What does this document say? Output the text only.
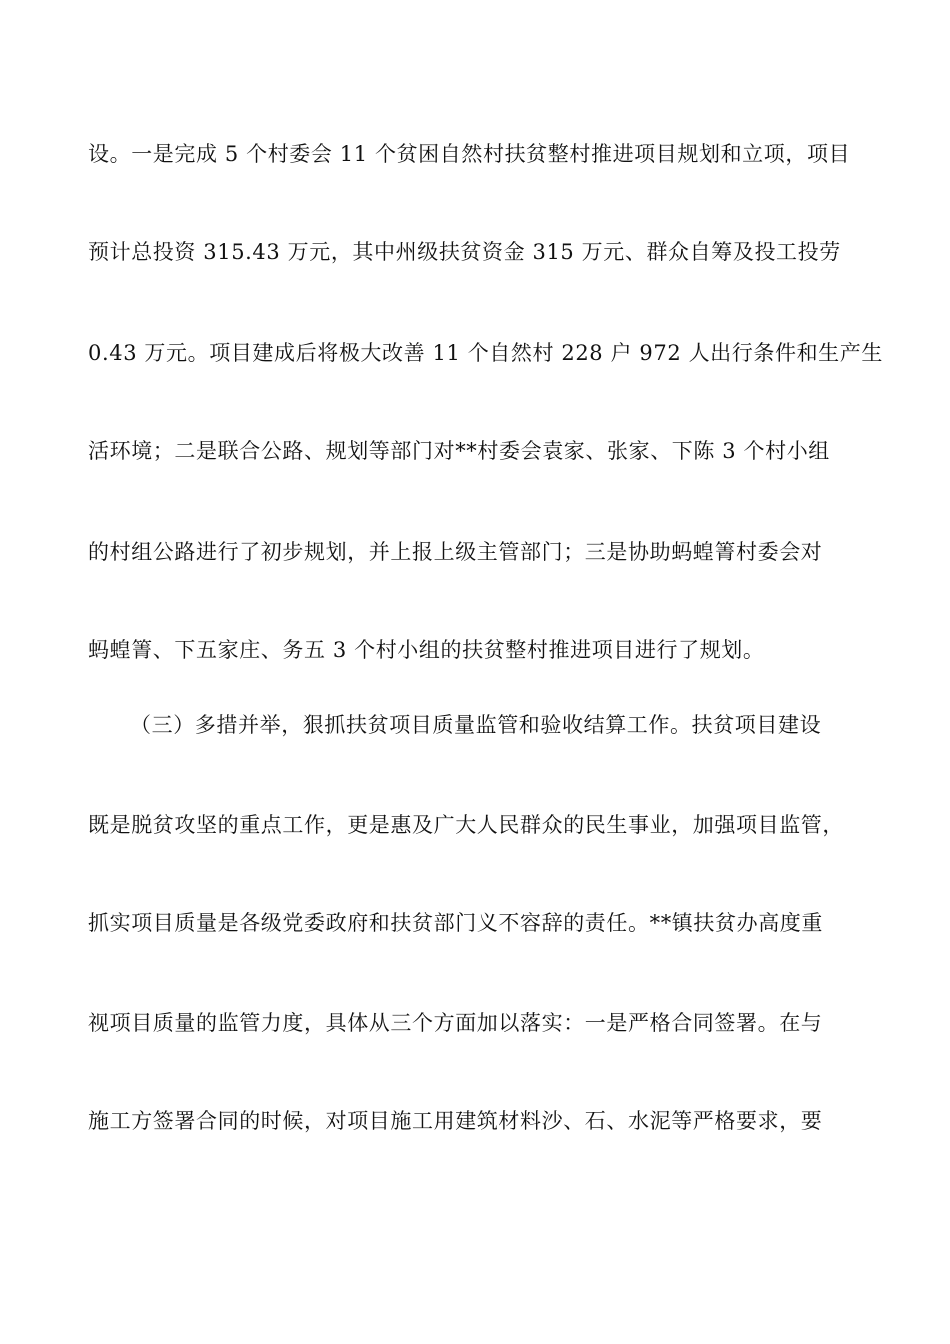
设。一是完成 5 个村委会 11 个贫困自然村扶贫整村推进项目规划和立项，项目
预计总投资 315.43 万元，其中州级扶贫资金 315 万元、群众自筹及投工投劳
0.43 万元。项目建成后将极大改善 11 个自然村 228 户 972 人出行条件和生产生
活环境；二是联合公路、规划等部门对**村委会袁家、张家、下陈 3 个村小组
的村组公路进行了初步规划，并上报上级主管部门；三是协助蚂蝗箐村委会对
蚂蝗箐、下五家庄、务五 3 个村小组的扶贫整村推进项目进行了规划。
（三）多措并举，狠抓扶贫项目质量监管和验收结算工作。扶贫项目建设
既是脱贫攻坚的重点工作，更是惠及广大人民群众的民生事业，加强项目监管，
抓实项目质量是各级党委政府和扶贫部门义不容辞的责任。**镇扶贫办高度重
视项目质量的监管力度，具体从三个方面加以落实：一是严格合同签署。在与
施工方签署合同的时候，对项目施工用建筑材料沙、石、水泥等严格要求，要
